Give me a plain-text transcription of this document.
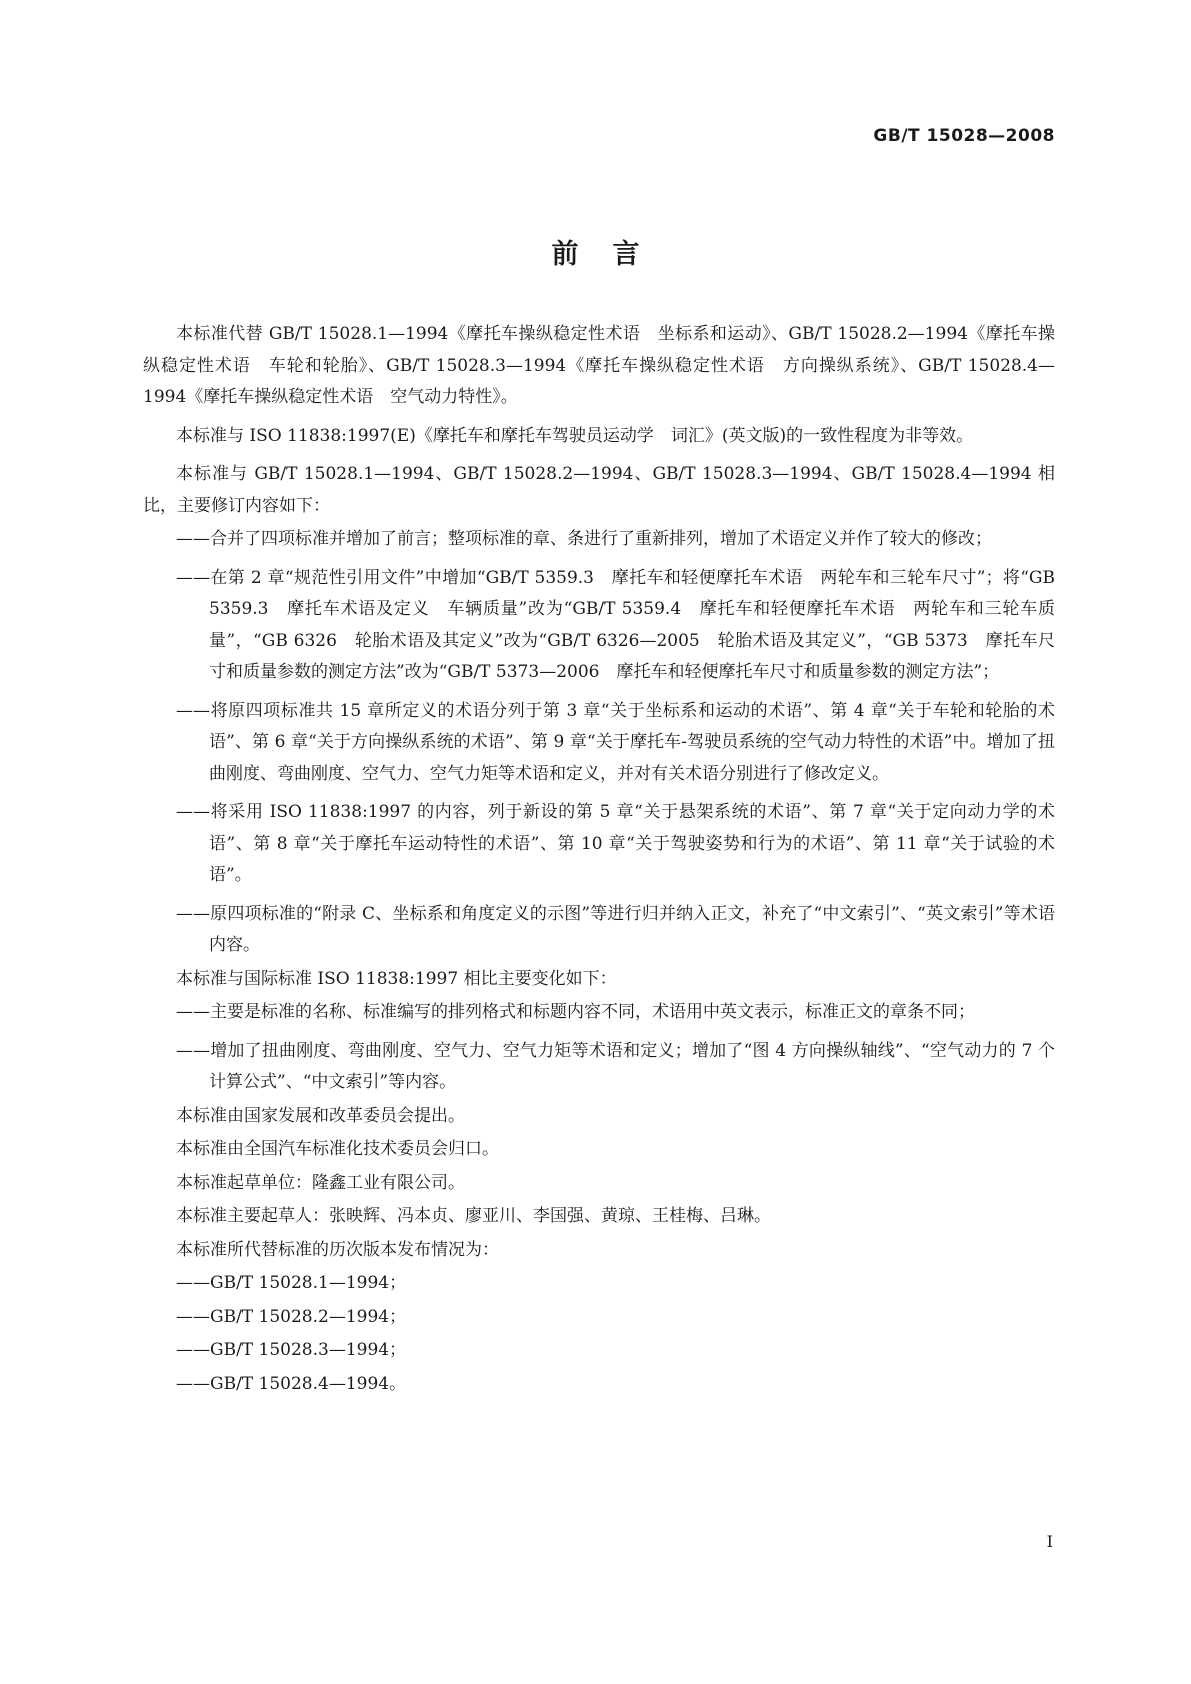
GB/T 15028—2008
前言

本标准代替 GB/T 15028.1—1994《摩托车操纵稳定性术语　坐标系和运动》、GB/T 15028.2—1994《摩托车操纵稳定性术语　车轮和轮胎》、GB/T 15028.3—1994《摩托车操纵稳定性术语　方向操纵系统》、GB/T 15028.4—1994《摩托车操纵稳定性术语　空气动力特性》。

本标准与 ISO 11838:1997(E)《摩托车和摩托车驾驶员运动学　词汇》(英文版)的一致性程度为非等效。

本标准与 GB/T 15028.1—1994、GB/T 15028.2—1994、GB/T 15028.3—1994、GB/T 15028.4—1994 相比，主要修订内容如下：

——合并了四项标准并增加了前言；整项标准的章、条进行了重新排列，增加了术语定义并作了较大的修改；

——在第 2 章“规范性引用文件”中增加“GB/T 5359.3　摩托车和轻便摩托车术语　两轮车和三轮车尺寸”；将“GB 5359.3　摩托车术语及定义　车辆质量”改为“GB/T 5359.4　摩托车和轻便摩托车术语　两轮车和三轮车质量”，“GB 6326　轮胎术语及其定义”改为“GB/T 6326—2005　轮胎术语及其定义”，“GB 5373　摩托车尺寸和质量参数的测定方法”改为“GB/T 5373—2006　摩托车和轻便摩托车尺寸和质量参数的测定方法”；

——将原四项标准共 15 章所定义的术语分列于第 3 章“关于坐标系和运动的术语”、第 4 章“关于车轮和轮胎的术语”、第 6 章“关于方向操纵系统的术语”、第 9 章“关于摩托车-驾驶员系统的空气动力特性的术语”中。增加了扭曲刚度、弯曲刚度、空气力、空气力矩等术语和定义，并对有关术语分别进行了修改定义。

——将采用 ISO 11838:1997 的内容，列于新设的第 5 章“关于悬架系统的术语”、第 7 章“关于定向动力学的术语”、第 8 章“关于摩托车运动特性的术语”、第 10 章“关于驾驶姿势和行为的术语”、第 11 章“关于试验的术语”。

——原四项标准的“附录 C、坐标系和角度定义的示图”等进行归并纳入正文，补充了“中文索引”、“英文索引”等术语内容。

本标准与国际标准 ISO 11838:1997 相比主要变化如下：

——主要是标准的名称、标准编写的排列格式和标题内容不同，术语用中英文表示，标准正文的章条不同；

——增加了扭曲刚度、弯曲刚度、空气力、空气力矩等术语和定义；增加了“图 4 方向操纵轴线”、“空气动力的 7 个计算公式”、“中文索引”等内容。

本标准由国家发展和改革委员会提出。

本标准由全国汽车标准化技术委员会归口。

本标准起草单位：隆鑫工业有限公司。

本标准主要起草人：张映辉、冯本贞、廖亚川、李国强、黄琼、王桂梅、吕琳。

本标准所代替标准的历次版本发布情况为：

——GB/T 15028.1—1994；

——GB/T 15028.2—1994；

——GB/T 15028.3—1994；

——GB/T 15028.4—1994。

I
